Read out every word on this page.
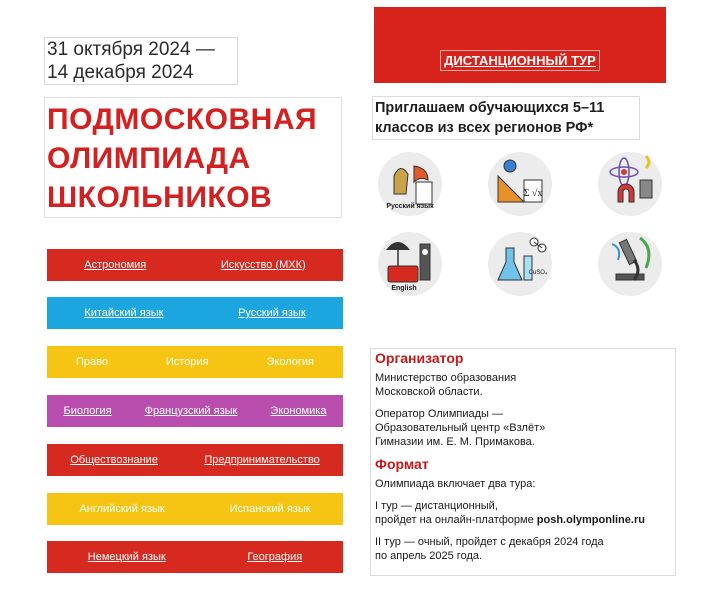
31 октября 2024 —
14 декабря 2024
ПОДМОСКОВНАЯ
ОЛИМПИАДА
ШКОЛЬНИКОВ
Астрономия	Искусство (МХК)
Китайский язык	Русский язык
Право	История	Экология
Биология	Французский язык	Экономика
Обществознание	Предпринимательство
Английский язык	Испанский язык
Немецкий язык	География
ДИСТАНЦИОННЫЙ ТУР
Приглашаем обучающихся 5–11
классов из всех регионов РФ*
Русский язык
Σ √x
English
CuSO₄
Организатор

Министерство образования
Московской области.

Оператор Олимпиады —
Образовательный центр «Взлёт»
Гимназии им. Е. М. Примакова.

Формат

Олимпиада включает два тура:

I тур — дистанционный,
пройдет на онлайн-платформе posh.olymponline.ru

II тур — очный, пройдет с декабря 2024 года
по апрель 2025 года.
